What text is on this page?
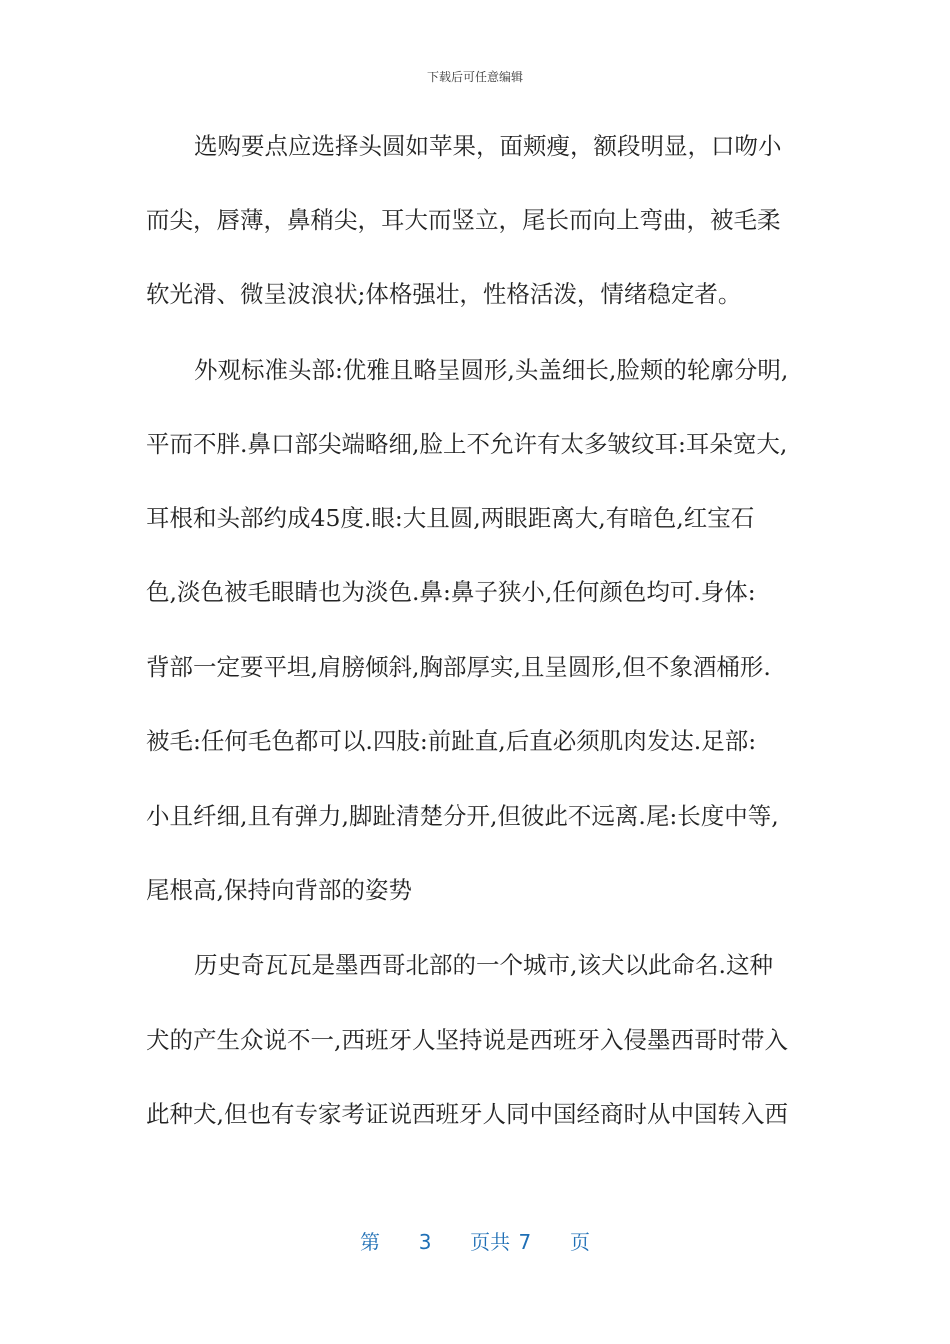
下载后可任意编辑
选购要点应选择头圆如苹果，面颊瘦，额段明显，口吻小
而尖，唇薄，鼻稍尖，耳大而竖立，尾长而向上弯曲，被毛柔
软光滑、微呈波浪状;体格强壮，性格活泼，情绪稳定者。
外观标准头部:优雅且略呈圆形,头盖细长,脸颊的轮廓分明,
平而不胖.鼻口部尖端略细,脸上不允许有太多皱纹耳:耳朵宽大,
耳根和头部约成45度.眼:大且圆,两眼距离大,有暗色,红宝石
色,淡色被毛眼睛也为淡色.鼻:鼻子狭小,任何颜色均可.身体:
背部一定要平坦,肩膀倾斜,胸部厚实,且呈圆形,但不象酒桶形.
被毛:任何毛色都可以.四肢:前趾直,后直必须肌肉发达.足部:
小且纤细,且有弹力,脚趾清楚分开,但彼此不远离.尾:长度中等,
尾根高,保持向背部的姿势
历史奇瓦瓦是墨西哥北部的一个城市,该犬以此命名.这种
犬的产生众说不一,西班牙人坚持说是西班牙入侵墨西哥时带入
此种犬,但也有专家考证说西班牙人同中国经商时从中国转入西
第 3 页共 7 页
